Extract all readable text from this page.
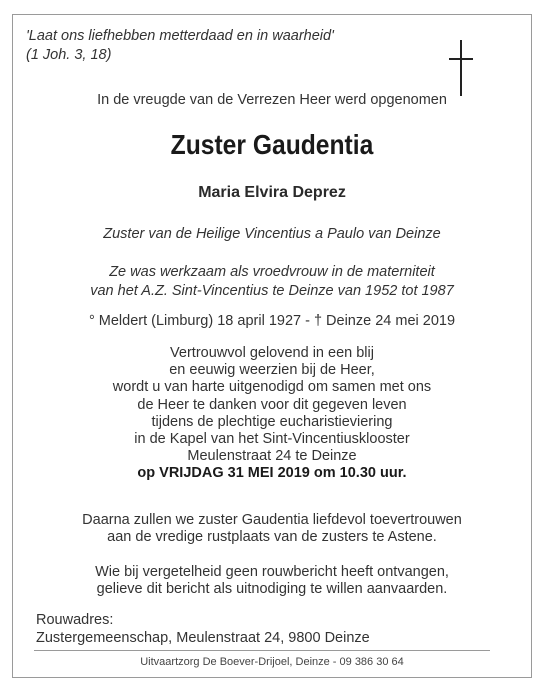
'Laat ons liefhebben metterdaad en in waarheid'
(1 Joh. 3, 18)
In de vreugde van de Verrezen Heer werd opgenomen
Zuster Gaudentia
Maria Elvira Deprez
Zuster van de Heilige Vincentius a Paulo van Deinze
Ze was werkzaam als vroedvrouw in de materniteit
van het A.Z. Sint-Vincentius te Deinze van 1952 tot 1987
° Meldert (Limburg) 18 april 1927 - † Deinze 24 mei 2019
Vertrouwvol gelovend in een blij
en eeuwig weerzien bij de Heer,
wordt u van harte uitgenodigd om samen met ons
de Heer te danken voor dit gegeven leven
tijdens de plechtige eucharistieviering
in de Kapel van het Sint-Vincentiusklooster
Meulenstraat 24 te Deinze
op VRIJDAG 31 MEI 2019 om 10.30 uur.
Daarna zullen we zuster Gaudentia liefdevol toevertrouwen
aan de vredige rustplaats van de zusters te Astene.
Wie bij vergetelheid geen rouwbericht heeft ontvangen,
gelieve dit bericht als uitnodiging te willen aanvaarden.
Rouwadres:
Zustergemeenschap, Meulenstraat 24, 9800 Deinze
Uitvaartzorg De Boever-Drijoel, Deinze - 09 386 30 64
